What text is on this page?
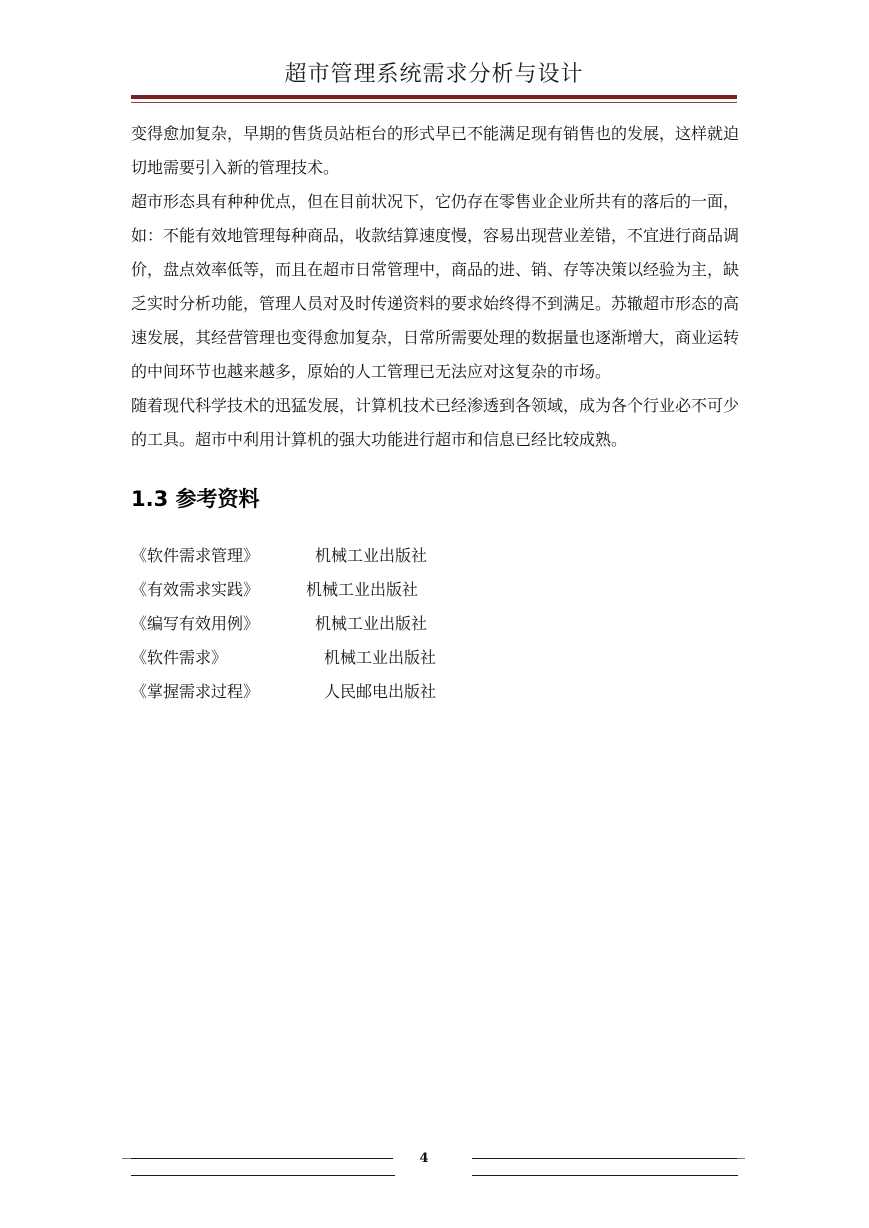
超市管理系统需求分析与设计

变得愈加复杂，早期的售货员站柜台的形式早已不能满足现有销售也的发展，这样就迫切地需要引入新的管理技术。

超市形态具有种种优点，但在目前状况下，它仍存在零售业企业所共有的落后的一面，如：不能有效地管理每种商品，收款结算速度慢，容易出现营业差错，不宜进行商品调价，盘点效率低等，而且在超市日常管理中，商品的进、销、存等决策以经验为主，缺乏实时分析功能，管理人员对及时传递资料的要求始终得不到满足。苏辙超市形态的高速发展，其经营管理也变得愈加复杂，日常所需要处理的数据量也逐渐增大，商业运转的中间环节也越来越多，原始的人工管理已无法应对这复杂的市场。

随着现代科学技术的迅猛发展，计算机技术已经渗透到各领域，成为各个行业必不可少的工具。超市中利用计算机的强大功能进行超市和信息已经比较成熟。

1.3 参考资料
《软件需求管理》	机械工业出版社
《有效需求实践》	机械工业出版社
《编写有效用例》	机械工业出版社
《软件需求》	机械工业出版社
《掌握需求过程》	人民邮电出版社
4
